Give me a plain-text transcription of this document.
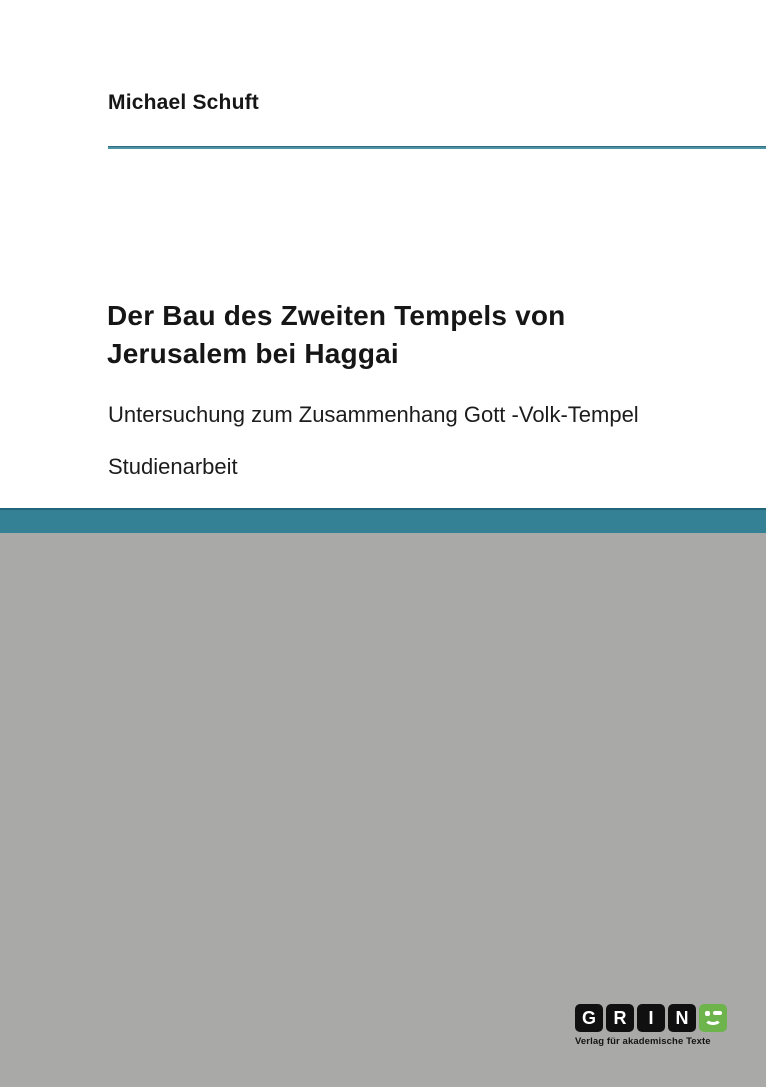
Michael Schuft
Der Bau des Zweiten Tempels von
Jerusalem bei Haggai
Untersuchung zum Zusammenhang Gott -Volk-Tempel
Studienarbeit
G R	I	N
Verlag für akademische Texte
